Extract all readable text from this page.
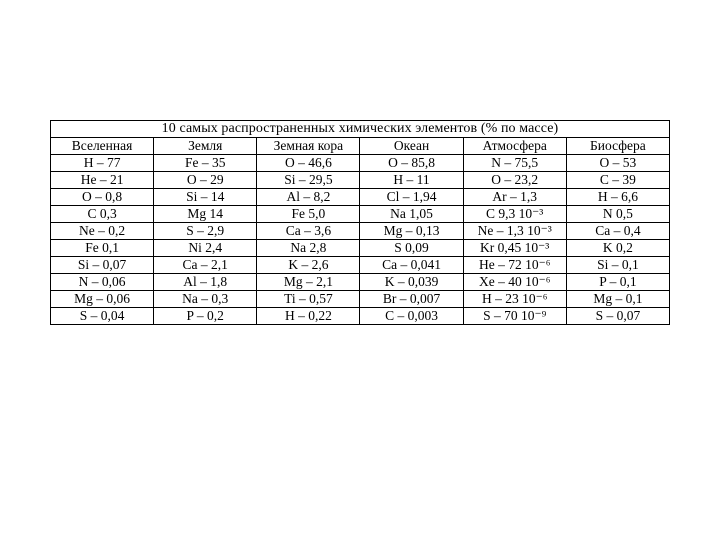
10 самых распространенных химических элементов (% по массе)					
Вселенная	Земля	Земная кора	Океан	Атмосфера	Биосфера
H – 77	Fe – 35	O – 46,6	O – 85,8	N – 75,5	O – 53
He – 21	O – 29	Si – 29,5	H – 11	O – 23,2	C – 39
O – 0,8	Si – 14	Al – 8,2	Cl – 1,94	Ar – 1,3	H – 6,6
C 0,3	Mg 14	Fe 5,0	Na 1,05	C 9,3 10⁻³	N 0,5
Ne – 0,2	S – 2,9	Ca – 3,6	Mg – 0,13	Ne – 1,3 10⁻³	Ca – 0,4
Fe 0,1	Ni 2,4	Na 2,8	S 0,09	Kr 0,45 10⁻³	K 0,2
Si – 0,07	Ca – 2,1	K – 2,6	Ca – 0,041	He – 72 10⁻⁶	Si – 0,1
N – 0,06	Al – 1,8	Mg – 2,1	K – 0,039	Xe – 40 10⁻⁶	P – 0,1
Mg – 0,06	Na – 0,3	Ti – 0,57	Br – 0,007	H – 23 10⁻⁶	Mg – 0,1
S – 0,04	P – 0,2	H – 0,22	C – 0,003	S – 70 10⁻⁹	S – 0,07
